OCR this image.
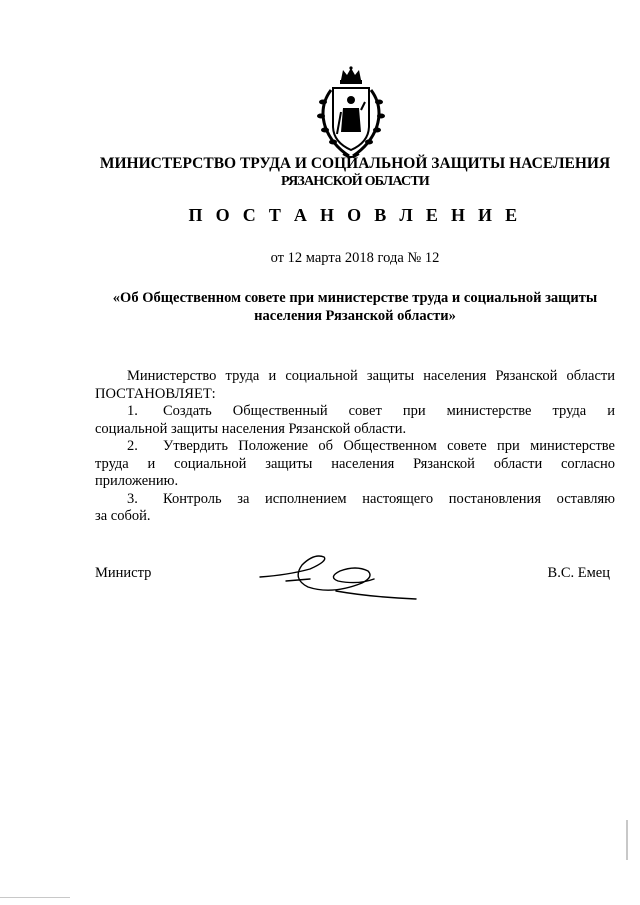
МИНИСТЕРСТВО ТРУДА И СОЦИАЛЬНОЙ ЗАЩИТЫ НАСЕЛЕНИЯ
РЯЗАНСКОЙ ОБЛАСТИ
П О С Т А Н О В Л Е Н И Е
от 12 марта 2018 года № 12
«Об Общественном совете при министерстве труда и социальной защиты
населения Рязанской области»
Министерство труда и социальной защиты населения Рязанской области
ПОСТАНОВЛЯЕТ:
1. Создать Общественный совет при министерстве труда и
социальной защиты населения Рязанской области.
2. Утвердить Положение об Общественном совете при министерстве
труда и социальной защиты населения Рязанской области согласно
приложению.
3. Контроль за исполнением настоящего постановления оставляю
за собой.
Министр	В.С. Емец
